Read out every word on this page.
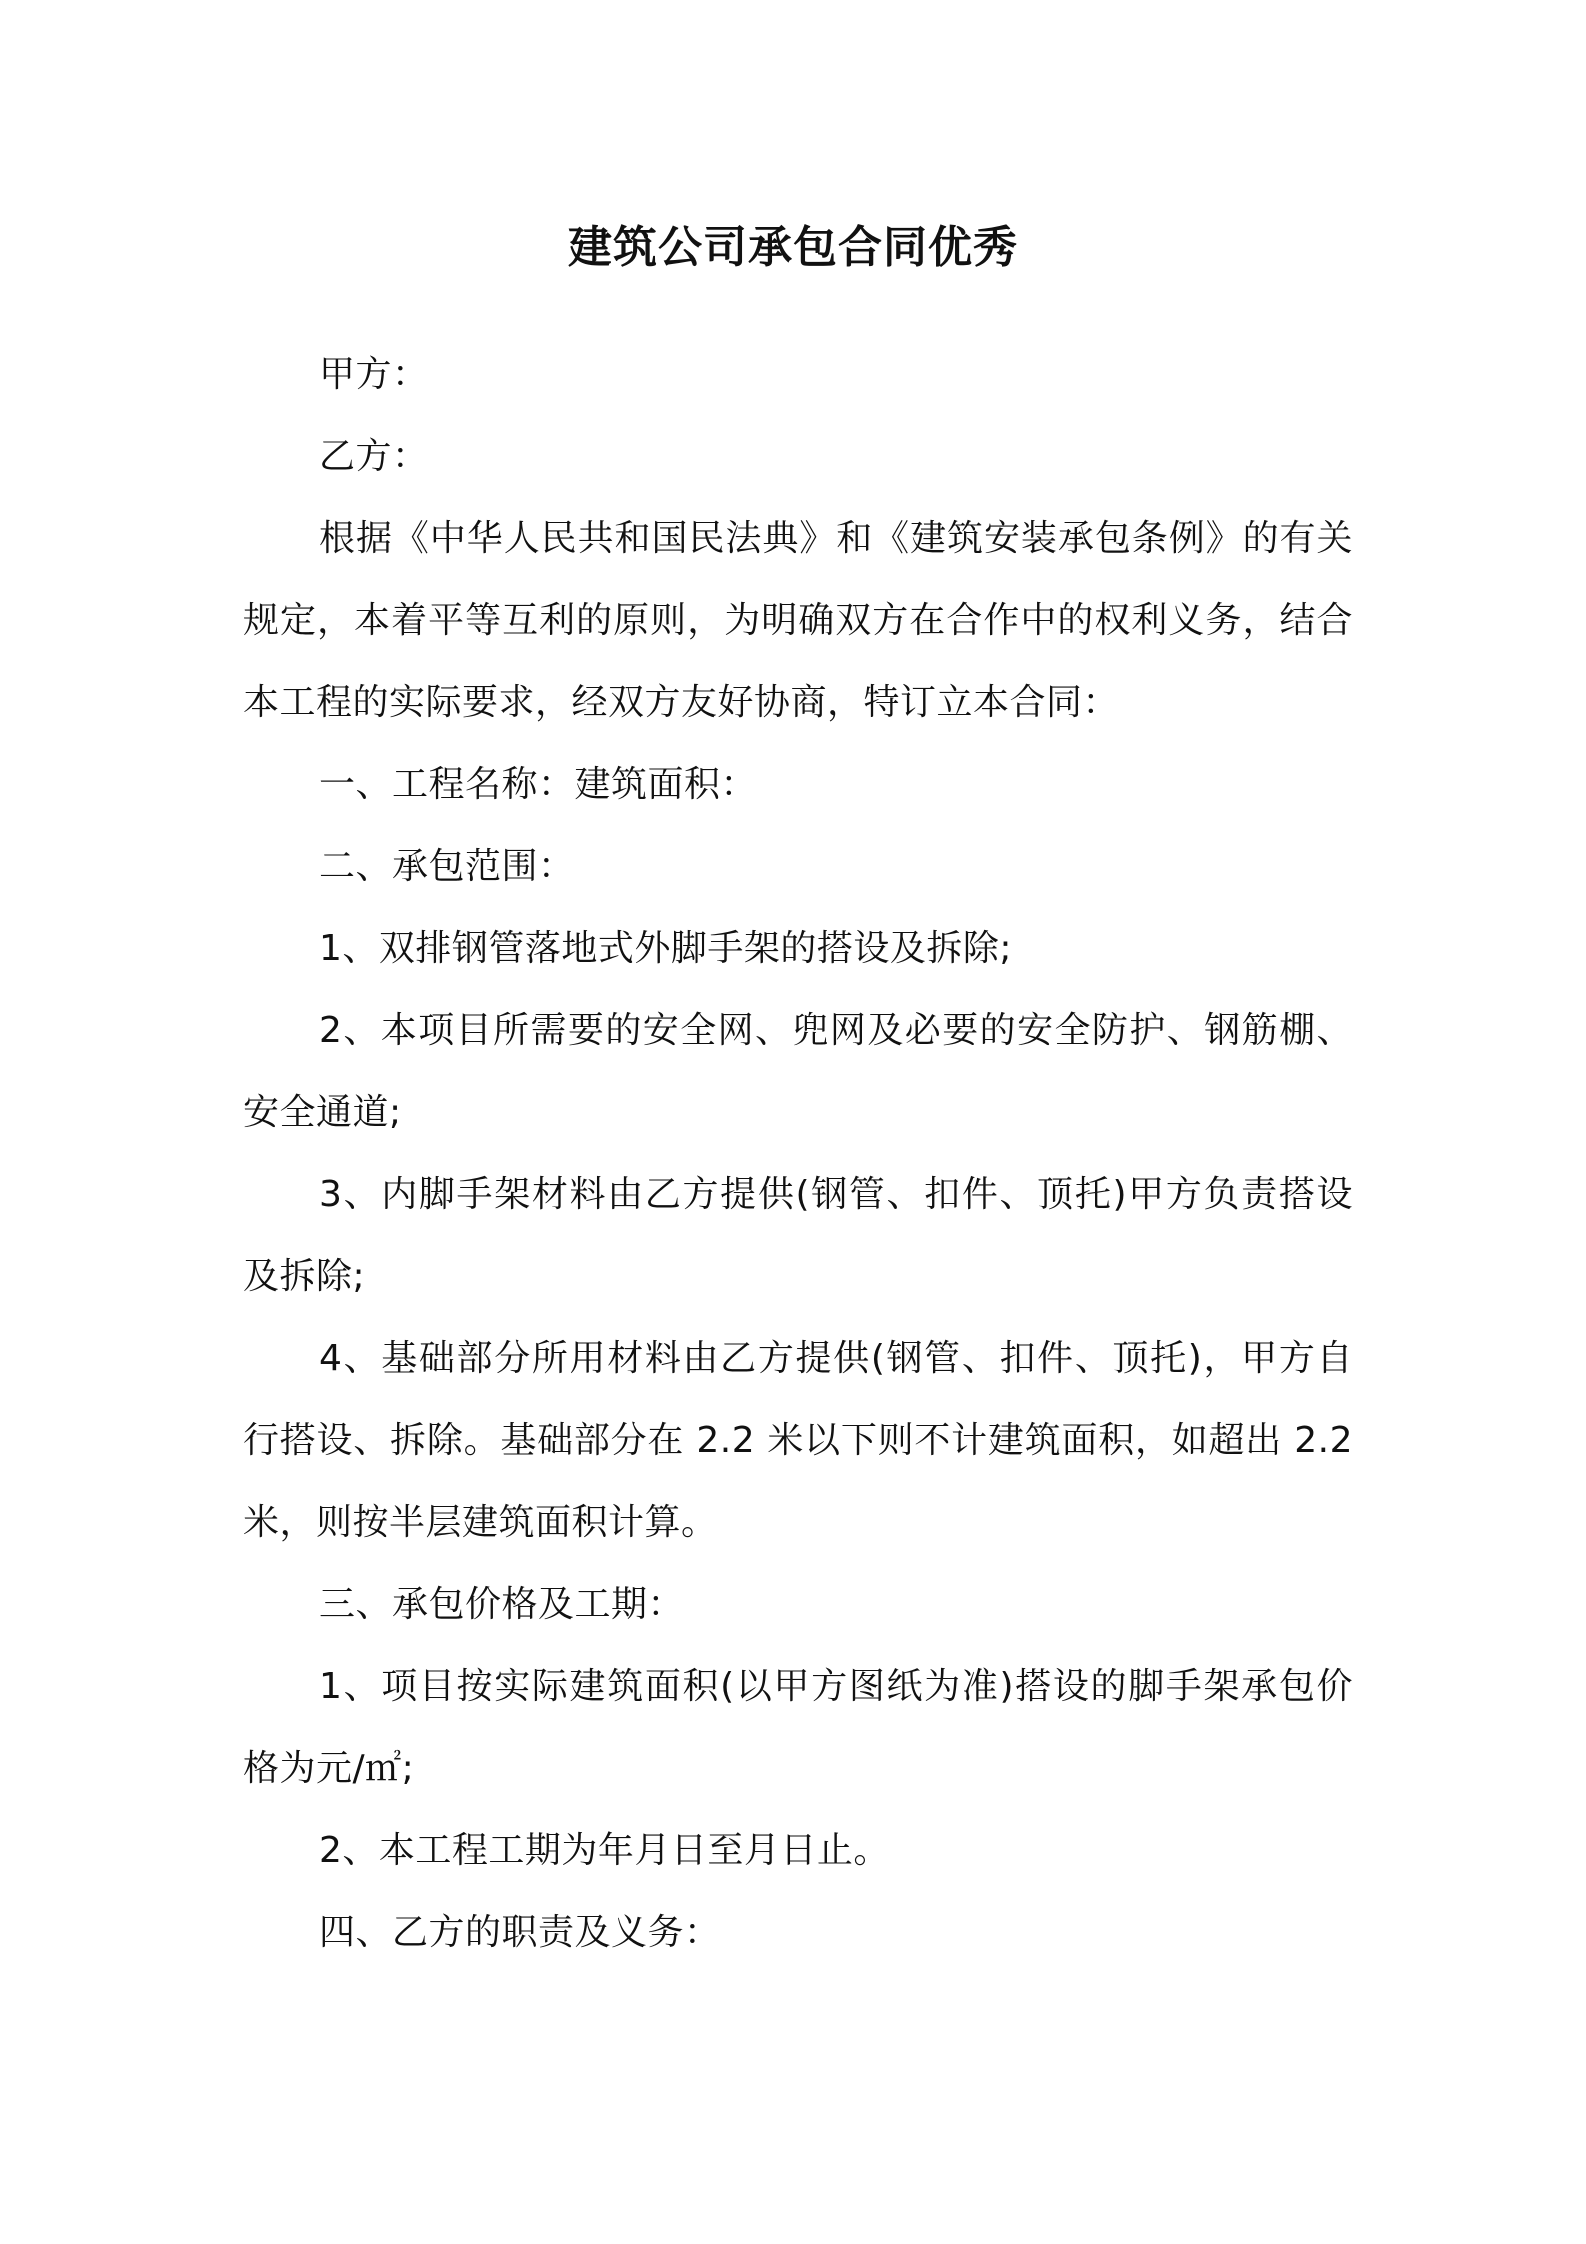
建筑公司承包合同优秀

甲方：

乙方：

根据《中华人民共和国民法典》和《建筑安装承包条例》的有关规定，本着平等互利的原则，为明确双方在合作中的权利义务，结合本工程的实际要求，经双方友好协商，特订立本合同：

一、工程名称：建筑面积：

二、承包范围：

1、双排钢管落地式外脚手架的搭设及拆除;

2、本项目所需要的安全网、兜网及必要的安全防护、钢筋棚、安全通道;

3、内脚手架材料由乙方提供(钢管、扣件、顶托)甲方负责搭设及拆除;

4、基础部分所用材料由乙方提供(钢管、扣件、顶托)，甲方自行搭设、拆除。基础部分在 2.2 米以下则不计建筑面积，如超出 2.2 米，则按半层建筑面积计算。

三、承包价格及工期：

1、项目按实际建筑面积(以甲方图纸为准)搭设的脚手架承包价格为元/㎡;

2、本工程工期为年月日至月日止。

四、乙方的职责及义务：
